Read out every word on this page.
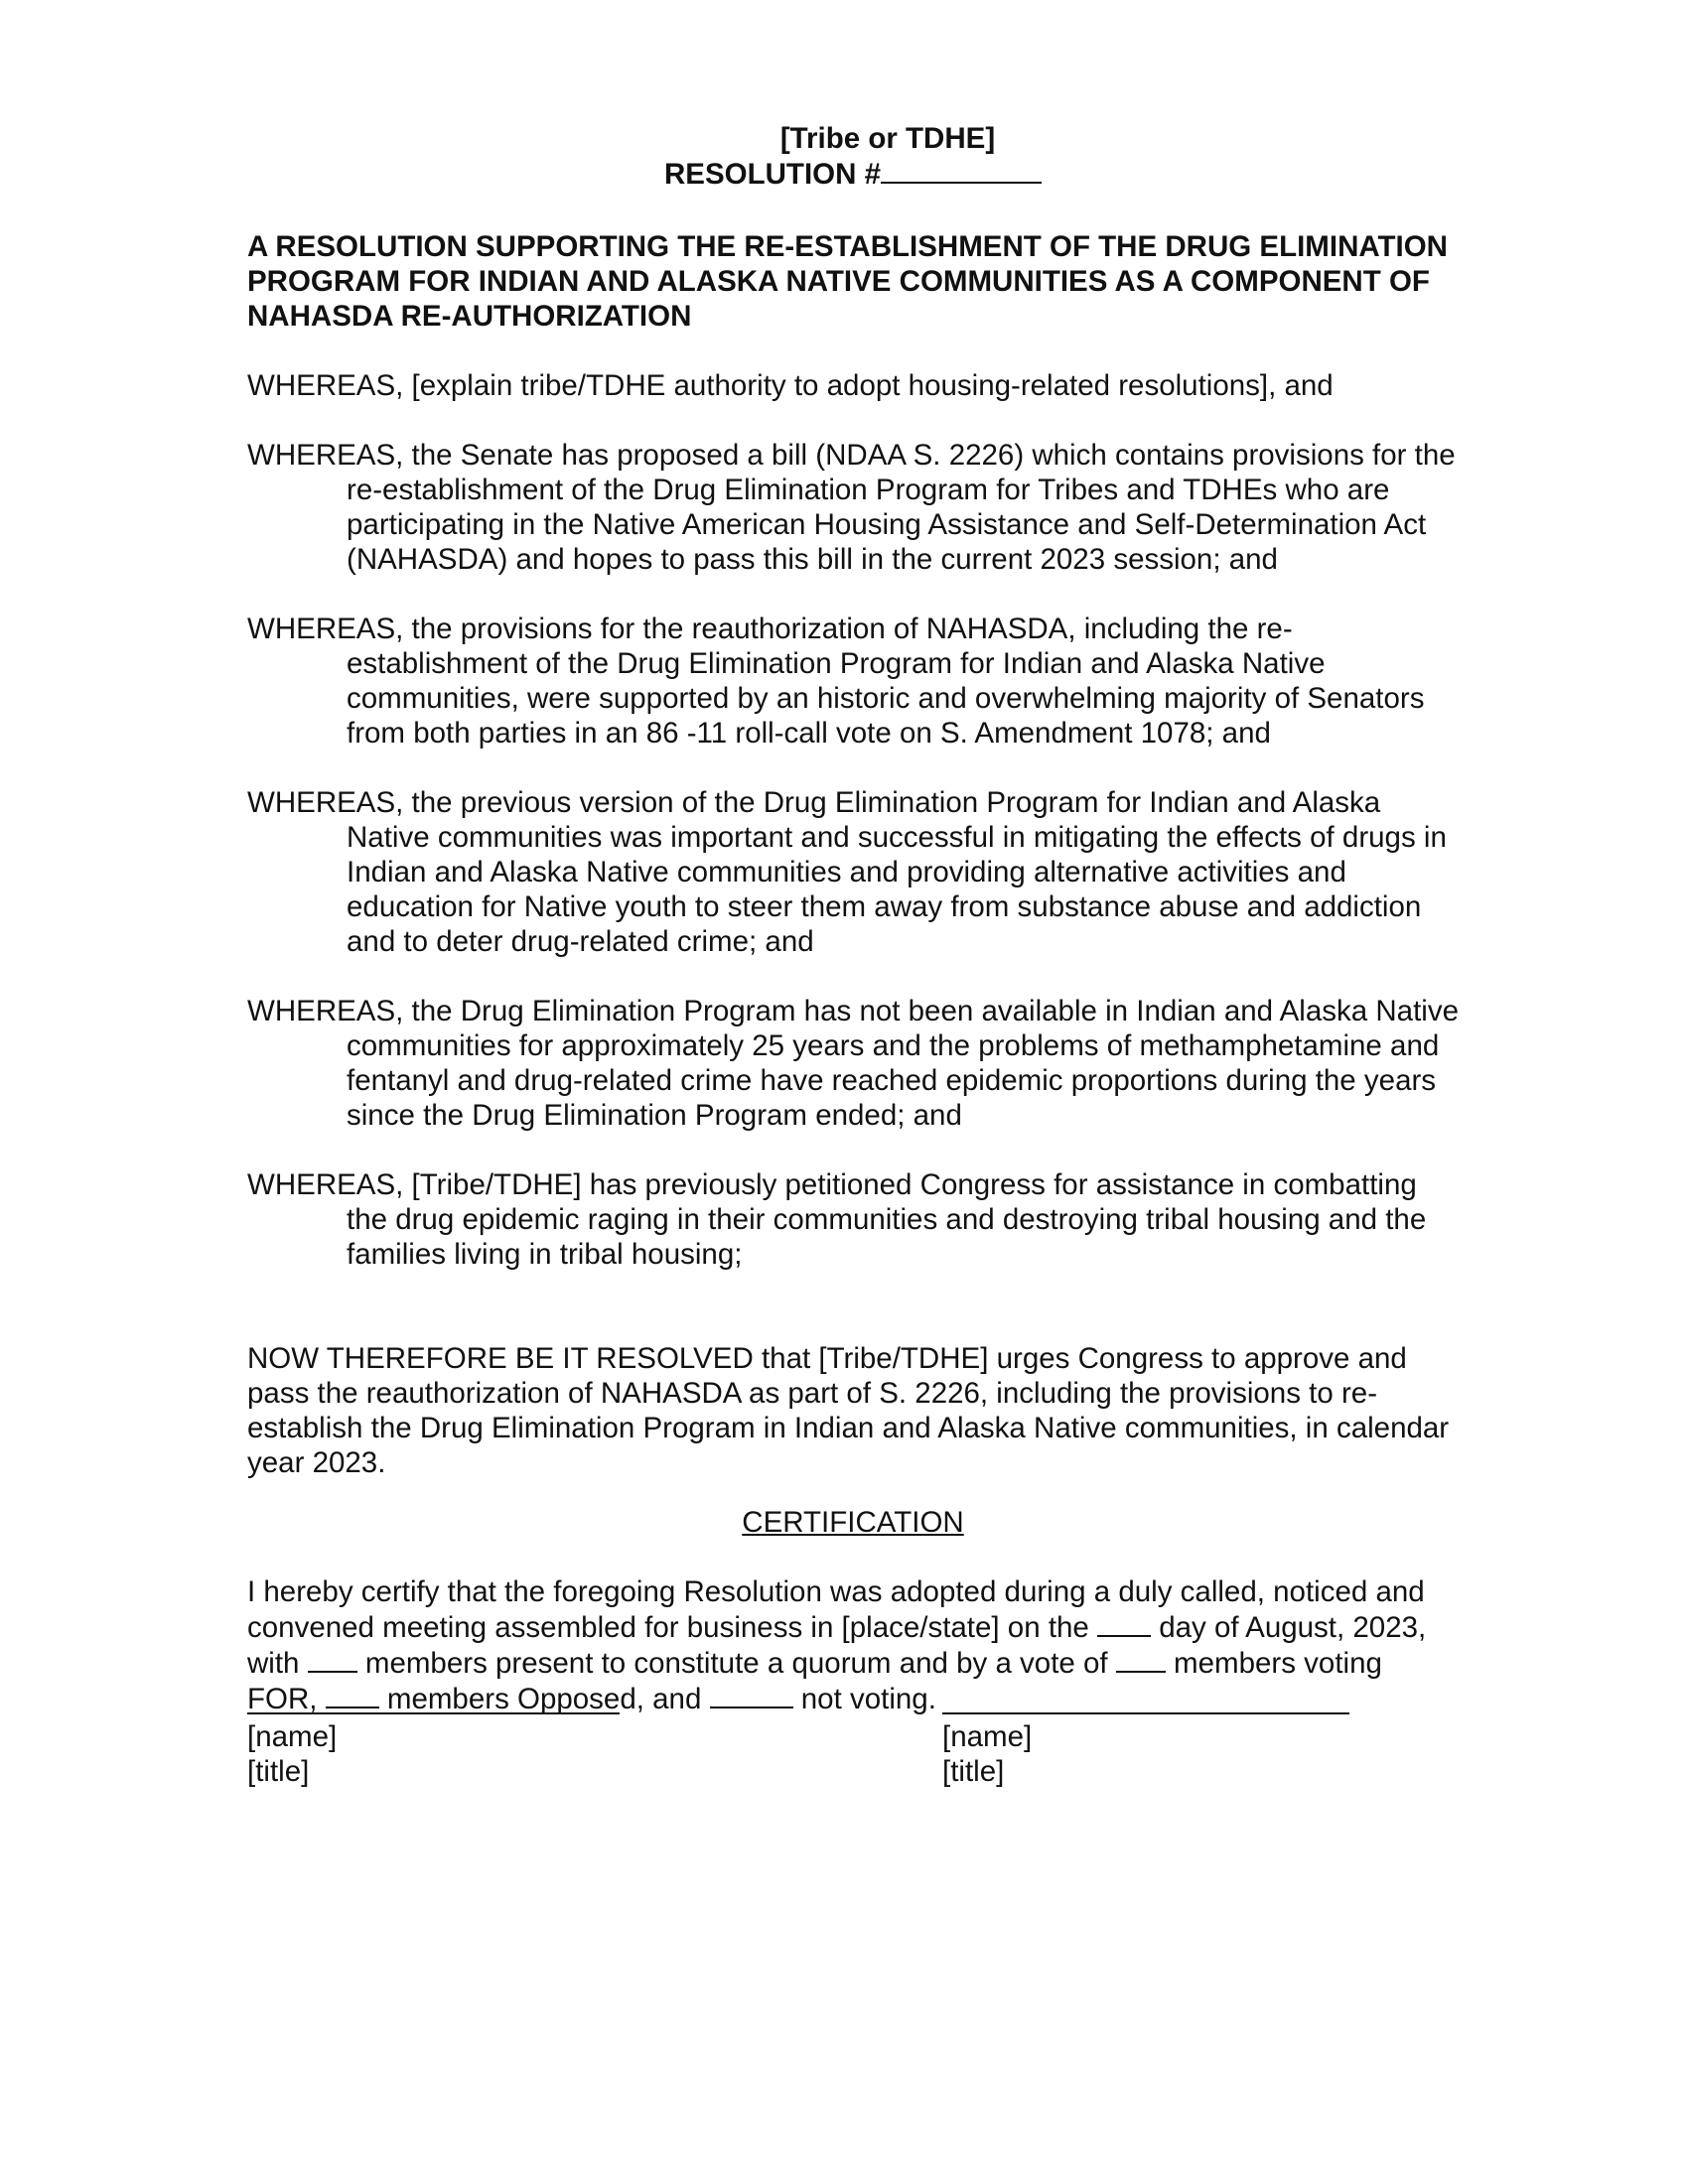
[Tribe or TDHE]

RESOLUTION #

A RESOLUTION SUPPORTING THE RE-ESTABLISHMENT OF THE DRUG ELIMINATION PROGRAM FOR INDIAN AND ALASKA NATIVE COMMUNITIES AS A COMPONENT OF NAHASDA RE-AUTHORIZATION

WHEREAS, [explain tribe/TDHE authority to adopt housing-related resolutions], and

WHEREAS, the Senate has proposed a bill (NDAA S. 2226) which contains provisions for the re-establishment of the Drug Elimination Program for Tribes and TDHEs who are participating in the Native American Housing Assistance and Self-Determination Act (NAHASDA) and hopes to pass this bill in the current 2023 session; and

WHEREAS, the provisions for the reauthorization of NAHASDA, including the re-establishment of the Drug Elimination Program for Indian and Alaska Native communities, were supported by an historic and overwhelming majority of Senators from both parties in an 86 -11 roll-call vote on S. Amendment 1078; and

WHEREAS, the previous version of the Drug Elimination Program for Indian and Alaska Native communities was important and successful in mitigating the effects of drugs in Indian and Alaska Native communities and providing alternative activities and education for Native youth to steer them away from substance abuse and addiction and to deter drug-related crime; and

WHEREAS, the Drug Elimination Program has not been available in Indian and Alaska Native communities for approximately 25 years and the problems of methamphetamine and fentanyl and drug-related crime have reached epidemic proportions during the years since the Drug Elimination Program ended; and

WHEREAS, [Tribe/TDHE] has previously petitioned Congress for assistance in combatting the drug epidemic raging in their communities and destroying tribal housing and the families living in tribal housing;

NOW THEREFORE BE IT RESOLVED that [Tribe/TDHE] urges Congress to approve and pass the reauthorization of NAHASDA as part of S. 2226, including the provisions to re-establish the Drug Elimination Program in Indian and Alaska Native communities, in calendar year 2023.

CERTIFICATION

I hereby certify that the foregoing Resolution was adopted during a duly called, noticed and convened meeting assembled for business in [place/state] on the day of August, 2023, with members present to constitute a quorum and by a vote of members voting FOR, members Opposed, and	not voting.

[name]

[title]

[name]

[title]
